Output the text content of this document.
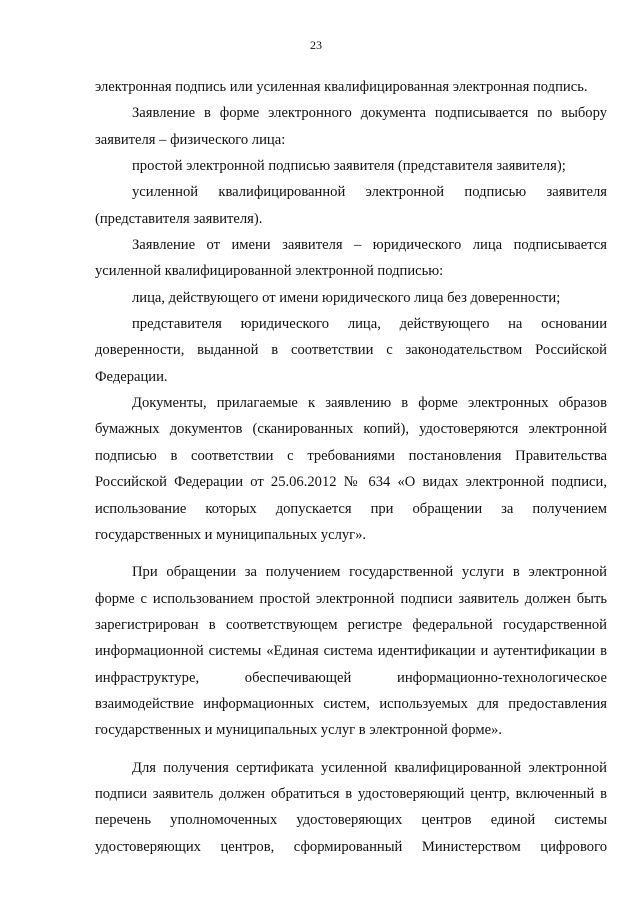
23

электронная подпись или усиленная квалифицированная электронная подпись.

Заявление в форме электронного документа подписывается по выбору заявителя – физического лица:

простой электронной подписью заявителя (представителя заявителя);

усиленной квалифицированной электронной подписью заявителя (представителя заявителя).

Заявление от имени заявителя – юридического лица подписывается усиленной квалифицированной электронной подписью:

лица, действующего от имени юридического лица без доверенности;

представителя юридического лица, действующего на основании доверенности, выданной в соответствии с законодательством Российской Федерации.

Документы, прилагаемые к заявлению в форме электронных образов бумажных документов (сканированных копий), удостоверяются электронной подписью в соответствии с требованиями постановления Правительства Российской Федерации от 25.06.2012 № 634 «О видах электронной подписи, использование которых допускается при обращении за получением государственных и муниципальных услуг».

При обращении за получением государственной услуги в электронной форме с использованием простой электронной подписи заявитель должен быть зарегистрирован в соответствующем регистре федеральной государственной информационной системы «Единая система идентификации и аутентификации в инфраструктуре, обеспечивающей информационно-технологическое взаимодействие информационных систем, используемых для предоставления государственных и муниципальных услуг в электронной форме».

Для получения сертификата усиленной квалифицированной электронной подписи заявитель должен обратиться в удостоверяющий центр, включенный в перечень уполномоченных удостоверяющих центров единой системы удостоверяющих центров, сформированный Министерством цифрового
